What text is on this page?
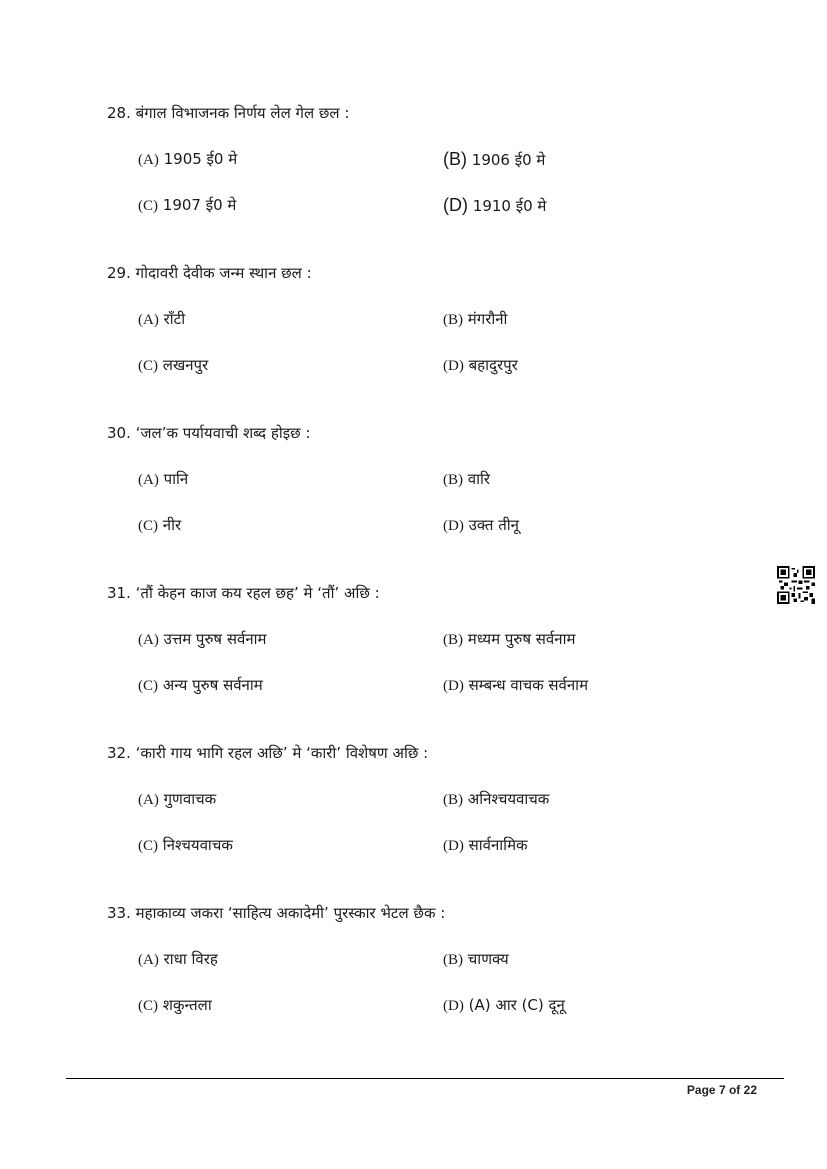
28. बंगाल विभाजनक निर्णय लेल गेल छल :
(A) 1905 ई0 मे	(B) 1906 ई0 मे
(C) 1907 ई0 मे	(D) 1910 ई0 मे
29. गोदावरी देवीक जन्म स्थान छल :
(A) राँटी	(B) मंगरौनी
(C) लखनपुर	(D) बहादुरपुर
30. ‘जल’क पर्यायवाची शब्द होइछ :
(A) पानि	(B) वारि
(C) नीर	(D) उक्त तीनू
31. ‘तौं केहन काज कय रहल छह’ मे ‘तौं’ अछि :
(A) उत्तम पुरुष सर्वनाम	(B) मध्यम पुरुष सर्वनाम
(C) अन्य पुरुष सर्वनाम	(D) सम्बन्ध वाचक सर्वनाम
32. ‘कारी गाय भागि रहल अछि’ मे ‘कारी’ विशेषण अछि :
(A) गुणवाचक	(B) अनिश्चयवाचक
(C) निश्चयवाचक	(D) सार्वनामिक
33. महाकाव्य जकरा ‘साहित्य अकादेमी’ पुरस्कार भेटल छैक :
(A) राधा विरह	(B) चाणक्य
(C) शकुन्तला	(D) (A) आर (C) दूनू
Page 7 of 22
